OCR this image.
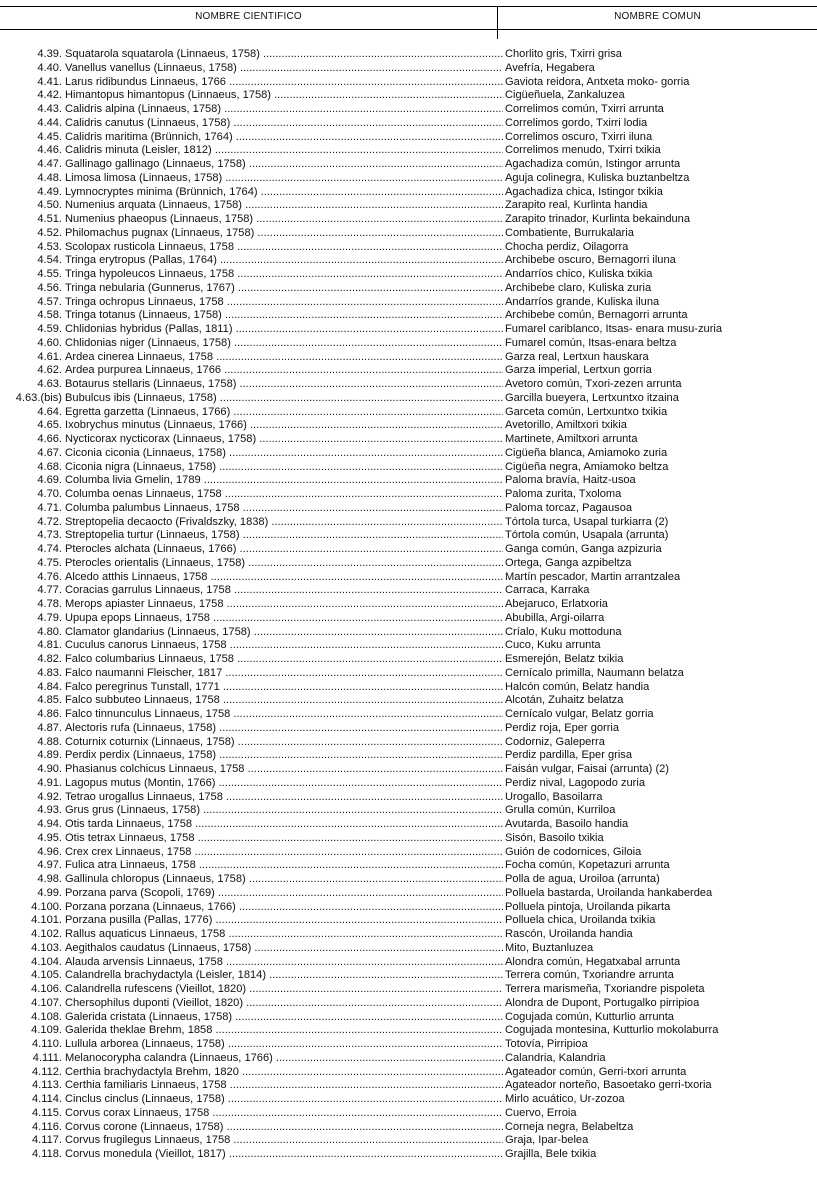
NOMBRE CIENTIFICO	NOMBRE COMUN
4.39. Squatarola squatarola (Linnaeus, 1758) .....	Chorlito gris, Txirri grisa
4.40. Vanellus vanellus (Linnaeus, 1758) .....	Avefría, Hegabera
4.41. Larus ridibundus Linnaeus, 1766 .....	Gaviota reidora, Antxeta moko- gorria
4.42. Himantopus himantopus (Linnaeus, 1758) .....	Cigüeñuela, Zankaluzea
4.43. Calidris alpina (Linnaeus, 1758) .....	Correlimos común, Txirri arrunta
4.44. Calidris canutus (Linnaeus, 1758) .....	Correlimos gordo, Txirri lodia
4.45. Calidris maritima (Brünnich, 1764) .....	Correlimos oscuro, Txirri iluna
4.46. Calidris minuta (Leisler, 1812) .....	Correlimos menudo, Txirri txikia
4.47. Gallinago gallinago (Linnaeus, 1758) .....	Agachadiza común, Istingor arrunta
4.48. Limosa limosa (Linnaeus, 1758) .....	Aguja colinegra, Kuliska buztanbeltza
4.49. Lymnocryptes minima (Brünnich, 1764) .....	Agachadiza chica, Istingor txikia
4.50. Numenius arquata (Linnaeus, 1758) .....	Zarapito real, Kurlinta handia
4.51. Numenius phaeopus (Linnaeus, 1758) .....	Zarapito trinador, Kurlinta bekainduna
4.52. Philomachus pugnax (Linnaeus, 1758) .....	Combatiente, Burrukalaria
4.53. Scolopax rusticola Linnaeus, 1758 .....	Chocha perdiz, Oilagorra
4.54. Tringa erytropus (Pallas, 1764) .....	Archibebe oscuro, Bernagorri iluna
4.55. Tringa hypoleucos Linnaeus, 1758 .....	Andarríos chico, Kuliska txikia
4.56. Tringa nebularia (Gunnerus, 1767) .....	Archibebe claro, Kuliska zuria
4.57. Tringa ochropus Linnaeus, 1758 .....	Andarríos grande, Kuliska iluna
4.58. Tringa totanus (Linnaeus, 1758) .....	Archibebe común, Bernagorri arrunta
4.59. Chlidonias hybridus (Pallas, 1811) .....	Fumarel cariblanco, Itsas- enara musu-zuria
4.60. Chlidonias niger (Linnaeus, 1758) .....	Fumarel común, Itsas-enara beltza
4.61. Ardea cinerea Linnaeus, 1758 .....	Garza real, Lertxun hauskara
4.62. Ardea purpurea Linnaeus, 1766 .....	Garza imperial, Lertxun gorria
4.63. Botaurus stellaris (Linnaeus, 1758) .....	Avetoro común, Txori-zezen arrunta
4.63.(bis) Bubulcus ibis (Linnaeus, 1758) .....	Garcilla bueyera, Lertxuntxo itzaina
4.64. Egretta garzetta (Linnaeus, 1766) .....	Garceta común, Lertxuntxo txikia
4.65. Ixobrychus minutus (Linnaeus, 1766) .....	Avetorillo, Amiltxori txikia
4.66. Nycticorax nycticorax (Linnaeus, 1758) .....	Martinete, Amiltxori arrunta
4.67. Ciconia ciconia (Linnaeus, 1758) .....	Cigüeña blanca, Amiamoko zuria
4.68. Ciconia nigra (Linnaeus, 1758) .....	Cigüeña negra, Amiamoko beltza
4.69. Columba livia Gmelin, 1789 .....	Paloma bravía, Haitz-usoa
4.70. Columba oenas Linnaeus, 1758 .....	Paloma zurita, Txoloma
4.71. Columba palumbus Linnaeus, 1758 .....	Paloma torcaz, Pagausoa
4.72. Streptopelia decaocto (Frivaldszky, 1838) .....	Tórtola turca, Usapal turkiarra (2)
4.73. Streptopelia turtur (Linnaeus, 1758) .....	Tórtola común, Usapala (arrunta)
4.74. Pterocles alchata (Linnaeus, 1766) .....	Ganga común, Ganga azpizuria
4.75. Pterocles orientalis (Linnaeus, 1758) .....	Ortega, Ganga azpibeltza
4.76. Alcedo atthis Linnaeus, 1758 .....	Martín pescador, Martin arrantzalea
4.77. Coracias garrulus Linnaeus, 1758 .....	Carraca, Karraka
4.78. Merops apiaster Linnaeus, 1758 .....	Abejaruco, Erlatxoria
4.79. Upupa epops Linnaeus, 1758 .....	Abubilla, Argi-oilarra
4.80. Clamator glandarius (Linnaeus, 1758) .....	Críalo, Kuku mottoduna
4.81. Cuculus canorus Linnaeus, 1758 .....	Cuco, Kuku arrunta
4.82. Falco columbarius Linnaeus, 1758 .....	Esmerejón, Belatz txikia
4.83. Falco naumanni Fleischer, 1817 .....	Cernícalo primilla, Naumann belatza
4.84. Falco peregrinus Tunstall, 1771 .....	Halcón común, Belatz handia
4.85. Falco subbuteo Linnaeus, 1758 .....	Alcotán, Zuhaitz belatza
4.86. Falco tinnunculus Linnaeus, 1758 .....	Cernícalo vulgar, Belatz gorria
4.87. Alectoris rufa (Linnaeus, 1758) .....	Perdiz roja, Eper gorria
4.88. Coturnix coturnix (Linnaeus, 1758) .....	Codorniz, Galeperra
4.89. Perdix perdix (Linnaeus, 1758) .....	Perdiz pardilla, Eper grisa
4.90. Phasianus colchicus Linnaeus, 1758 .....	Faisán vulgar, Faisai (arrunta) (2)
4.91. Lagopus mutus (Montin, 1766) .....	Perdiz nival, Lagopodo zuria
4.92. Tetrao urogallus Linnaeus, 1758 .....	Urogallo, Basoilarra
4.93. Grus grus (Linnaeus, 1758) .....	Grulla común, Kurriloa
4.94. Otis tarda Linnaeus, 1758 .....	Avutarda, Basoilo handia
4.95. Otis tetrax Linnaeus, 1758 .....	Sisón, Basoilo txikia
4.96. Crex crex Linnaeus, 1758 .....	Guión de codornices, Giloia
4.97. Fulica atra Linnaeus, 1758 .....	Focha común, Kopetazuri arrunta
4.98. Gallinula chloropus (Linnaeus, 1758) .....	Polla de agua, Uroiloa (arrunta)
4.99. Porzana parva (Scopoli, 1769) .....	Polluela bastarda, Uroilanda hankaberdea
4.100. Porzana porzana (Linnaeus, 1766) .....	Polluela pintoja, Uroilanda pikarta
4.101. Porzana pusilla (Pallas, 1776) .....	Polluela chica, Uroilanda txikia
4.102. Rallus aquaticus Linnaeus, 1758 .....	Rascón, Uroilanda handia
4.103. Aegithalos caudatus (Linnaeus, 1758) .....	Mito, Buztanluzea
4.104. Alauda arvensis Linnaeus, 1758 .....	Alondra común, Hegatxabal arrunta
4.105. Calandrella brachydactyla (Leisler, 1814) .....	Terrera común, Txoriandre arrunta
4.106. Calandrella rufescens (Vieillot, 1820) .....	Terrera marismeña, Txoriandre pispoleta
4.107. Chersophilus duponti (Vieillot, 1820) .....	Alondra de Dupont, Portugalko pirripioa
4.108. Galerida cristata (Linnaeus, 1758) .....	Cogujada común, Kutturlio arrunta
4.109. Galerida theklae Brehm, 1858 .....	Cogujada montesina, Kutturlio mokolaburra
4.110. Lullula arborea (Linnaeus, 1758) .....	Totovía, Pirripioa
4.111. Melanocorypha calandra (Linnaeus, 1766) .....	Calandria, Kalandria
4.112. Certhia brachydactyla Brehm, 1820 .....	Agateador común, Gerri-txori arrunta
4.113. Certhia familiaris Linnaeus, 1758 .....	Agateador norteño, Basoetako gerri-txoria
4.114. Cinclus cinclus (Linnaeus, 1758) .....	Mirlo acuático, Ur-zozoa
4.115. Corvus corax Linnaeus, 1758 .....	Cuervo, Erroia
4.116. Corvus corone (Linnaeus, 1758) .....	Corneja negra, Belabeltza
4.117. Corvus frugilegus Linnaeus, 1758 .....	Graja, Ipar-belea
4.118. Corvus monedula (Vieillot, 1817) .....	Grajilla, Bele txikia
